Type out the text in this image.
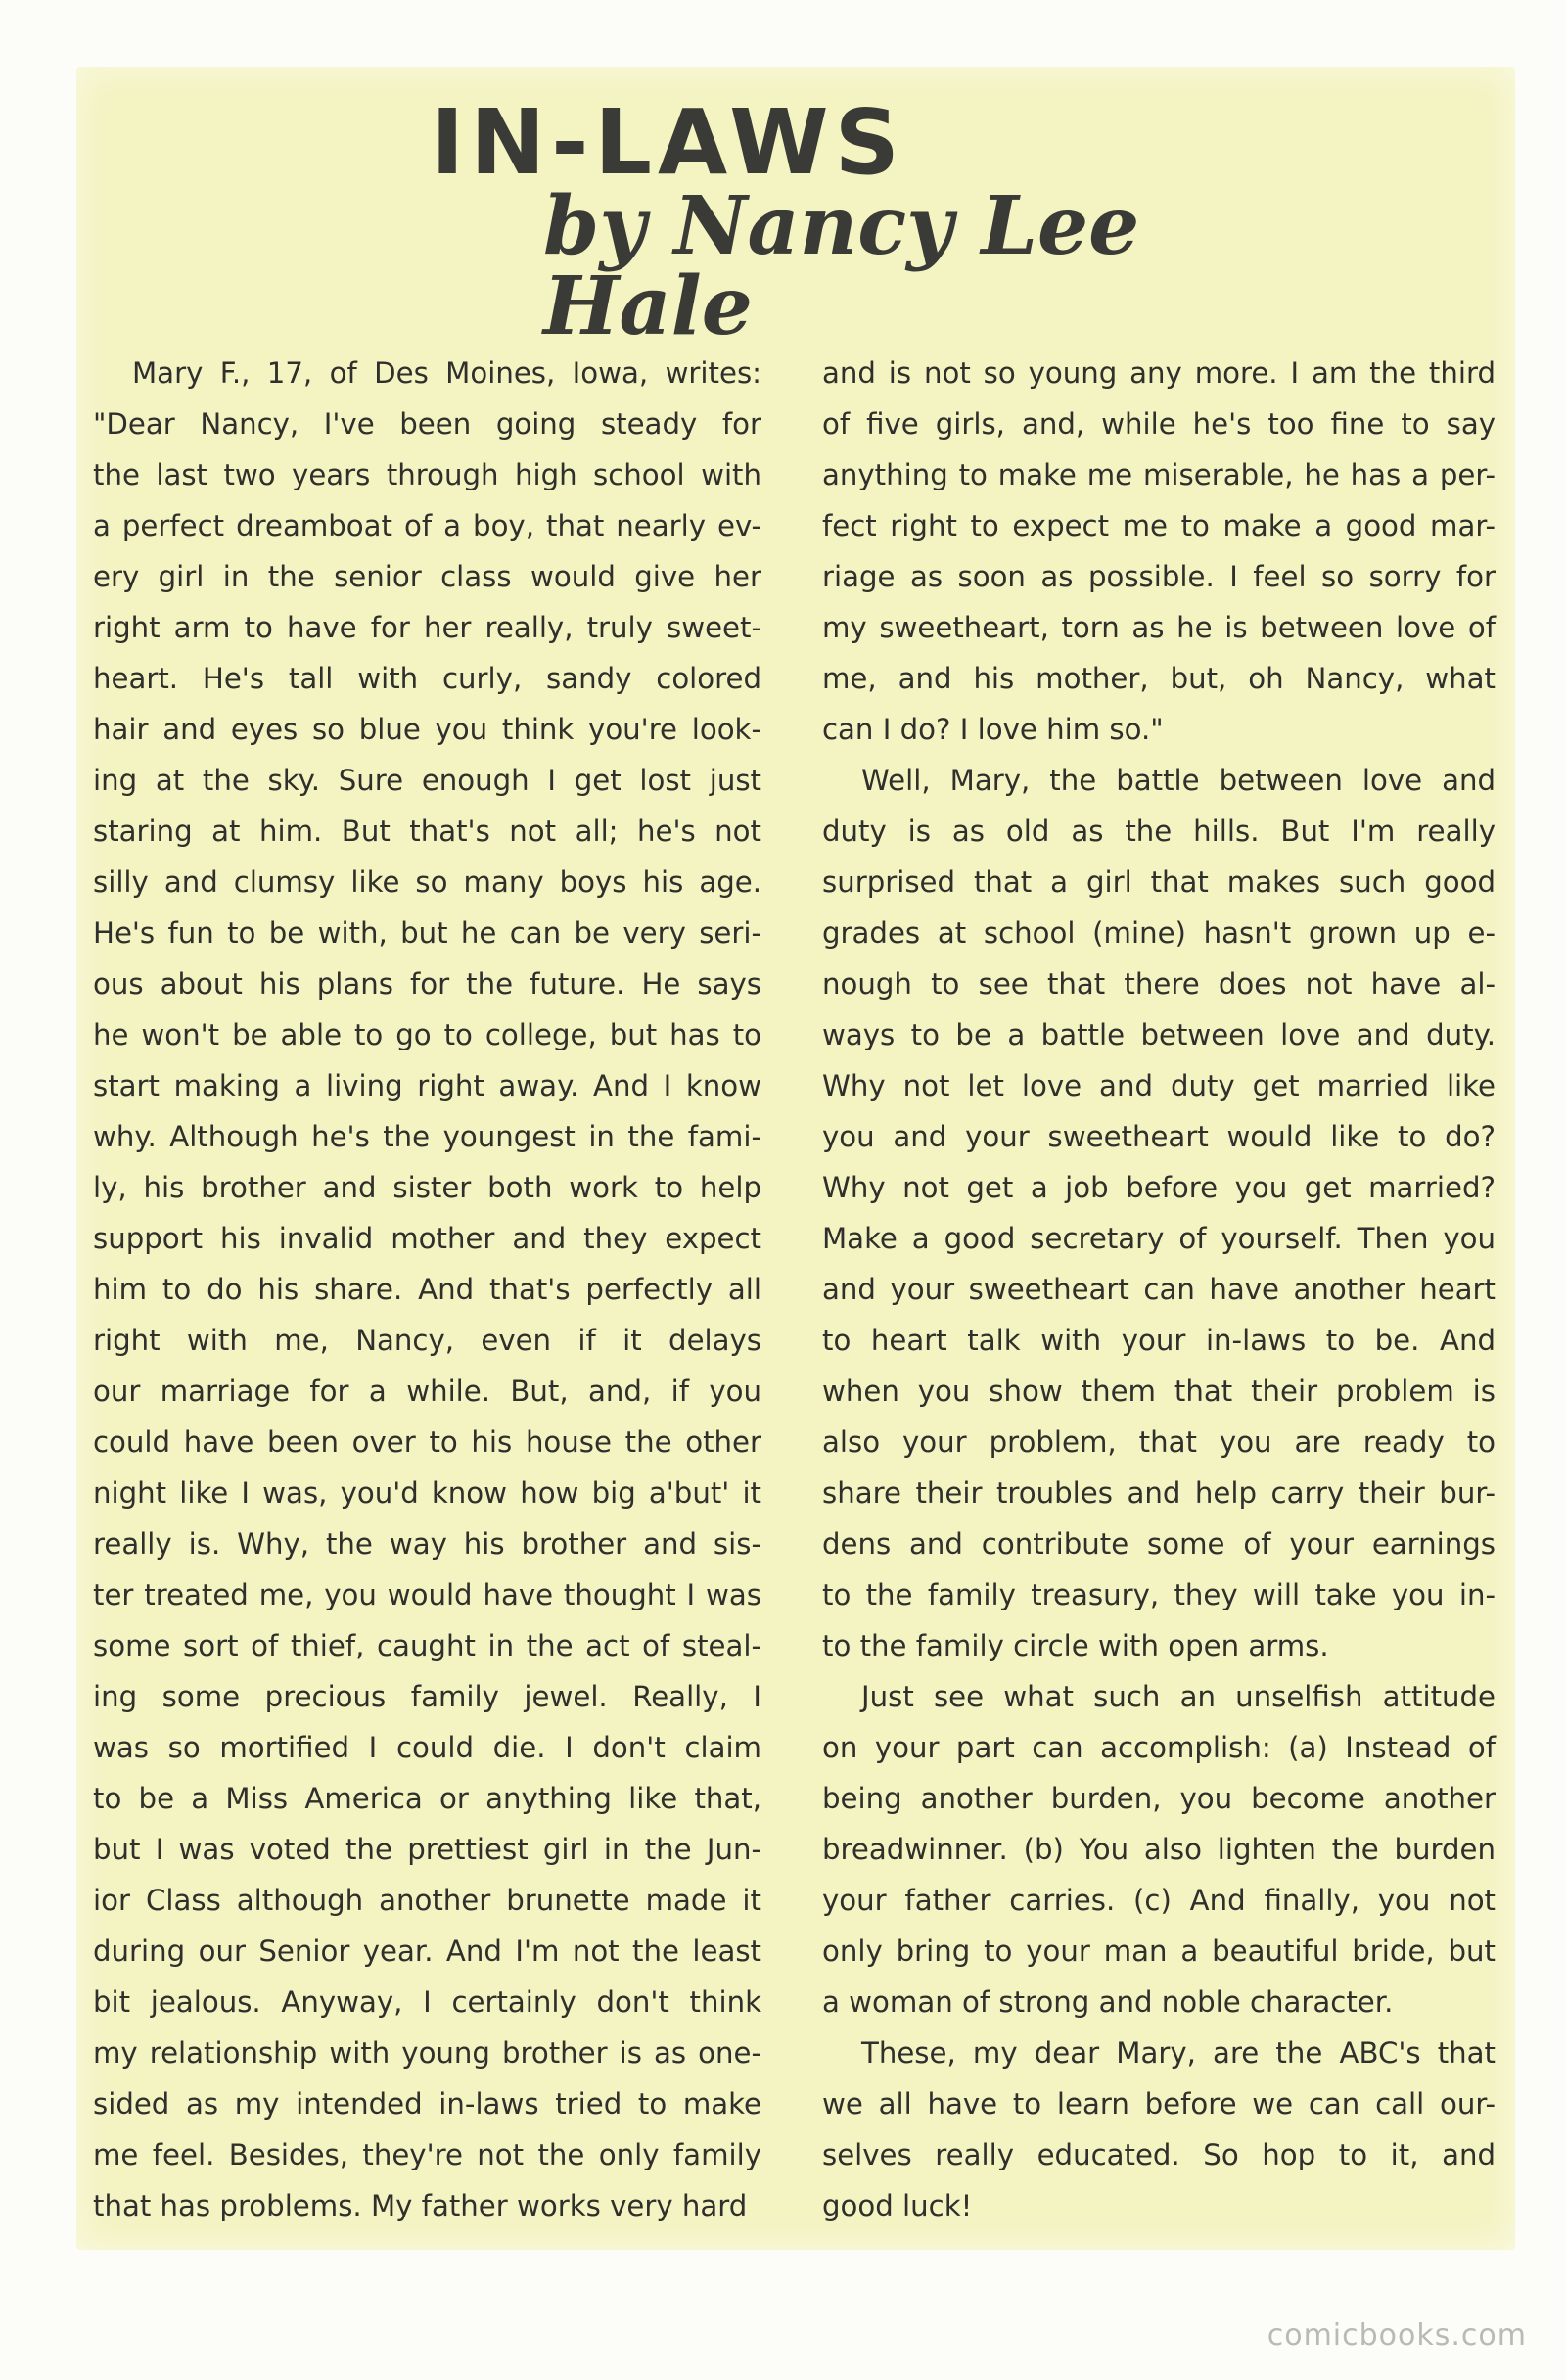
IN-LAWS
by Nancy Lee Hale
Mary F., 17, of Des Moines, Iowa, writes:
"Dear Nancy, I've been going steady for
the last two years through high school with
a perfect dreamboat of a boy, that nearly ev-
ery girl in the senior class would give her
right arm to have for her really, truly sweet-
heart. He's tall with curly, sandy colored
hair and eyes so blue you think you're look-
ing at the sky. Sure enough I get lost just
staring at him. But that's not all; he's not
silly and clumsy like so many boys his age.
He's fun to be with, but he can be very seri-
ous about his plans for the future. He says
he won't be able to go to college, but has to
start making a living right away. And I know
why. Although he's the youngest in the fami-
ly, his brother and sister both work to help
support his invalid mother and they expect
him to do his share. And that's perfectly all
right with me, Nancy, even if it delays
our marriage for a while. But, and, if you
could have been over to his house the other
night like I was, you'd know how big a'but' it
really is. Why, the way his brother and sis-
ter treated me, you would have thought I was
some sort of thief, caught in the act of steal-
ing some precious family jewel. Really, I
was so mortified I could die. I don't claim
to be a Miss America or anything like that,
but I was voted the prettiest girl in the Jun-
ior Class although another brunette made it
during our Senior year. And I'm not the least
bit jealous. Anyway, I certainly don't think
my relationship with young brother is as one-
sided as my intended in-laws tried to make
me feel. Besides, they're not the only family
that has problems. My father works very hard
and is not so young any more. I am the third
of five girls, and, while he's too fine to say
anything to make me miserable, he has a per-
fect right to expect me to make a good mar-
riage as soon as possible. I feel so sorry for
my sweetheart, torn as he is between love of
me, and his mother, but, oh Nancy, what
can I do? I love him so."
Well, Mary, the battle between love and
duty is as old as the hills. But I'm really
surprised that a girl that makes such good
grades at school (mine) hasn't grown up e-
nough to see that there does not have al-
ways to be a battle between love and duty.
Why not let love and duty get married like
you and your sweetheart would like to do?
Why not get a job before you get married?
Make a good secretary of yourself. Then you
and your sweetheart can have another heart
to heart talk with your in-laws to be. And
when you show them that their problem is
also your problem, that you are ready to
share their troubles and help carry their bur-
dens and contribute some of your earnings
to the family treasury, they will take you in-
to the family circle with open arms.
Just see what such an unselfish attitude
on your part can accomplish: (a) Instead of
being another burden, you become another
breadwinner. (b) You also lighten the burden
your father carries. (c) And finally, you not
only bring to your man a beautiful bride, but
a woman of strong and noble character.
These, my dear Mary, are the ABC's that
we all have to learn before we can call our-
selves really educated. So hop to it, and
good luck!
comicbooks.com
